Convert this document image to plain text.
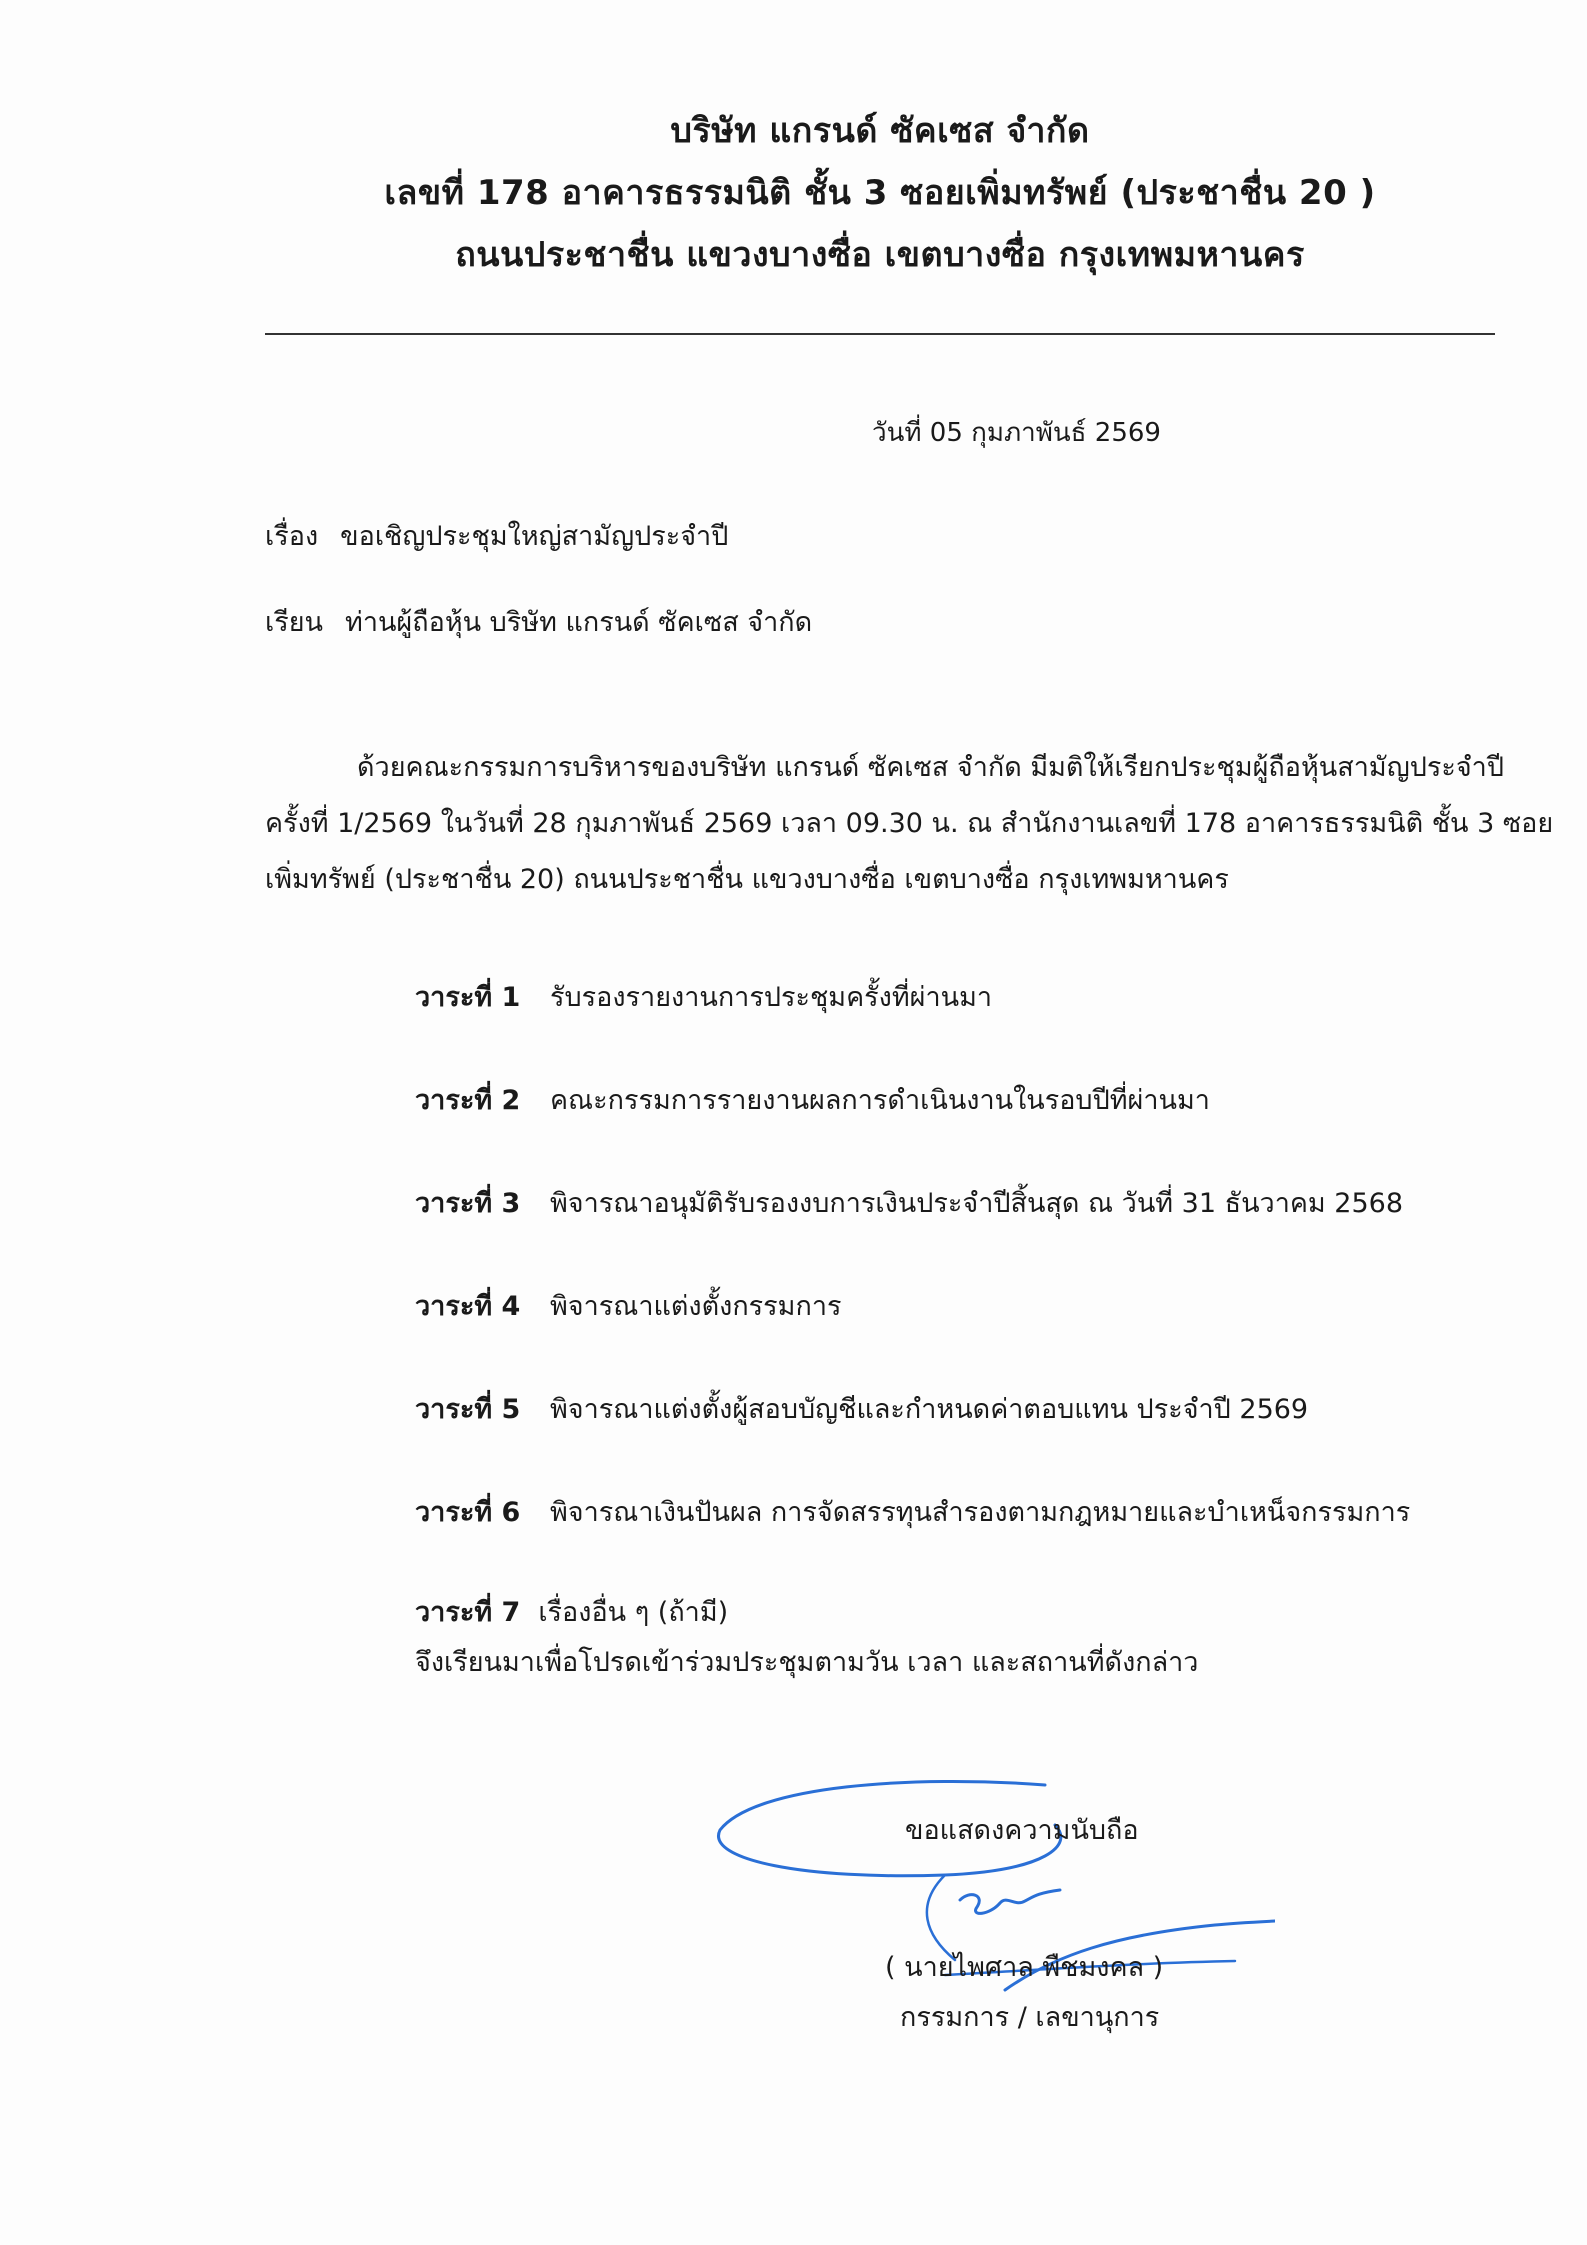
บริษัท แกรนด์ ซัคเซส จำกัด
เลขที่ 178 อาคารธรรมนิติ ชั้น 3 ซอยเพิ่มทรัพย์ (ประชาชื่น 20 )
ถนนประชาชื่น แขวงบางซื่อ เขตบางซื่อ กรุงเทพมหานคร
วันที่ 05 กุมภาพันธ์ 2569
เรื่อง ขอเชิญประชุมใหญ่สามัญประจำปี
เรียน ท่านผู้ถือหุ้น บริษัท แกรนด์ ซัคเซส จำกัด
ด้วยคณะกรรมการบริหารของบริษัท แกรนด์ ซัคเซส จำกัด มีมติให้เรียกประชุมผู้ถือหุ้นสามัญประจำปี
ครั้งที่ 1/2569 ในวันที่ 28 กุมภาพันธ์ 2569 เวลา 09.30 น. ณ สำนักงานเลขที่ 178 อาคารธรรมนิติ ชั้น 3 ซอย
เพิ่มทรัพย์ (ประชาชื่น 20) ถนนประชาชื่น แขวงบางซื่อ เขตบางซื่อ กรุงเทพมหานคร
วาระที่ 1 รับรองรายงานการประชุมครั้งที่ผ่านมา
วาระที่ 2 คณะกรรมการรายงานผลการดำเนินงานในรอบปีที่ผ่านมา
วาระที่ 3 พิจารณาอนุมัติรับรองงบการเงินประจำปีสิ้นสุด ณ วันที่ 31 ธันวาคม 2568
วาระที่ 4 พิจารณาแต่งตั้งกรรมการ
วาระที่ 5 พิจารณาแต่งตั้งผู้สอบบัญชีและกำหนดค่าตอบแทน ประจำปี 2569
วาระที่ 6 พิจารณาเงินปันผล การจัดสรรทุนสำรองตามกฎหมายและบำเหน็จกรรมการ
วาระที่ 7 เรื่องอื่น ๆ (ถ้ามี)
จึงเรียนมาเพื่อโปรดเข้าร่วมประชุมตามวัน เวลา และสถานที่ดังกล่าว
ขอแสดงความนับถือ
( นายไพศาล พืชมงคล )
กรรมการ / เลขานุการ
